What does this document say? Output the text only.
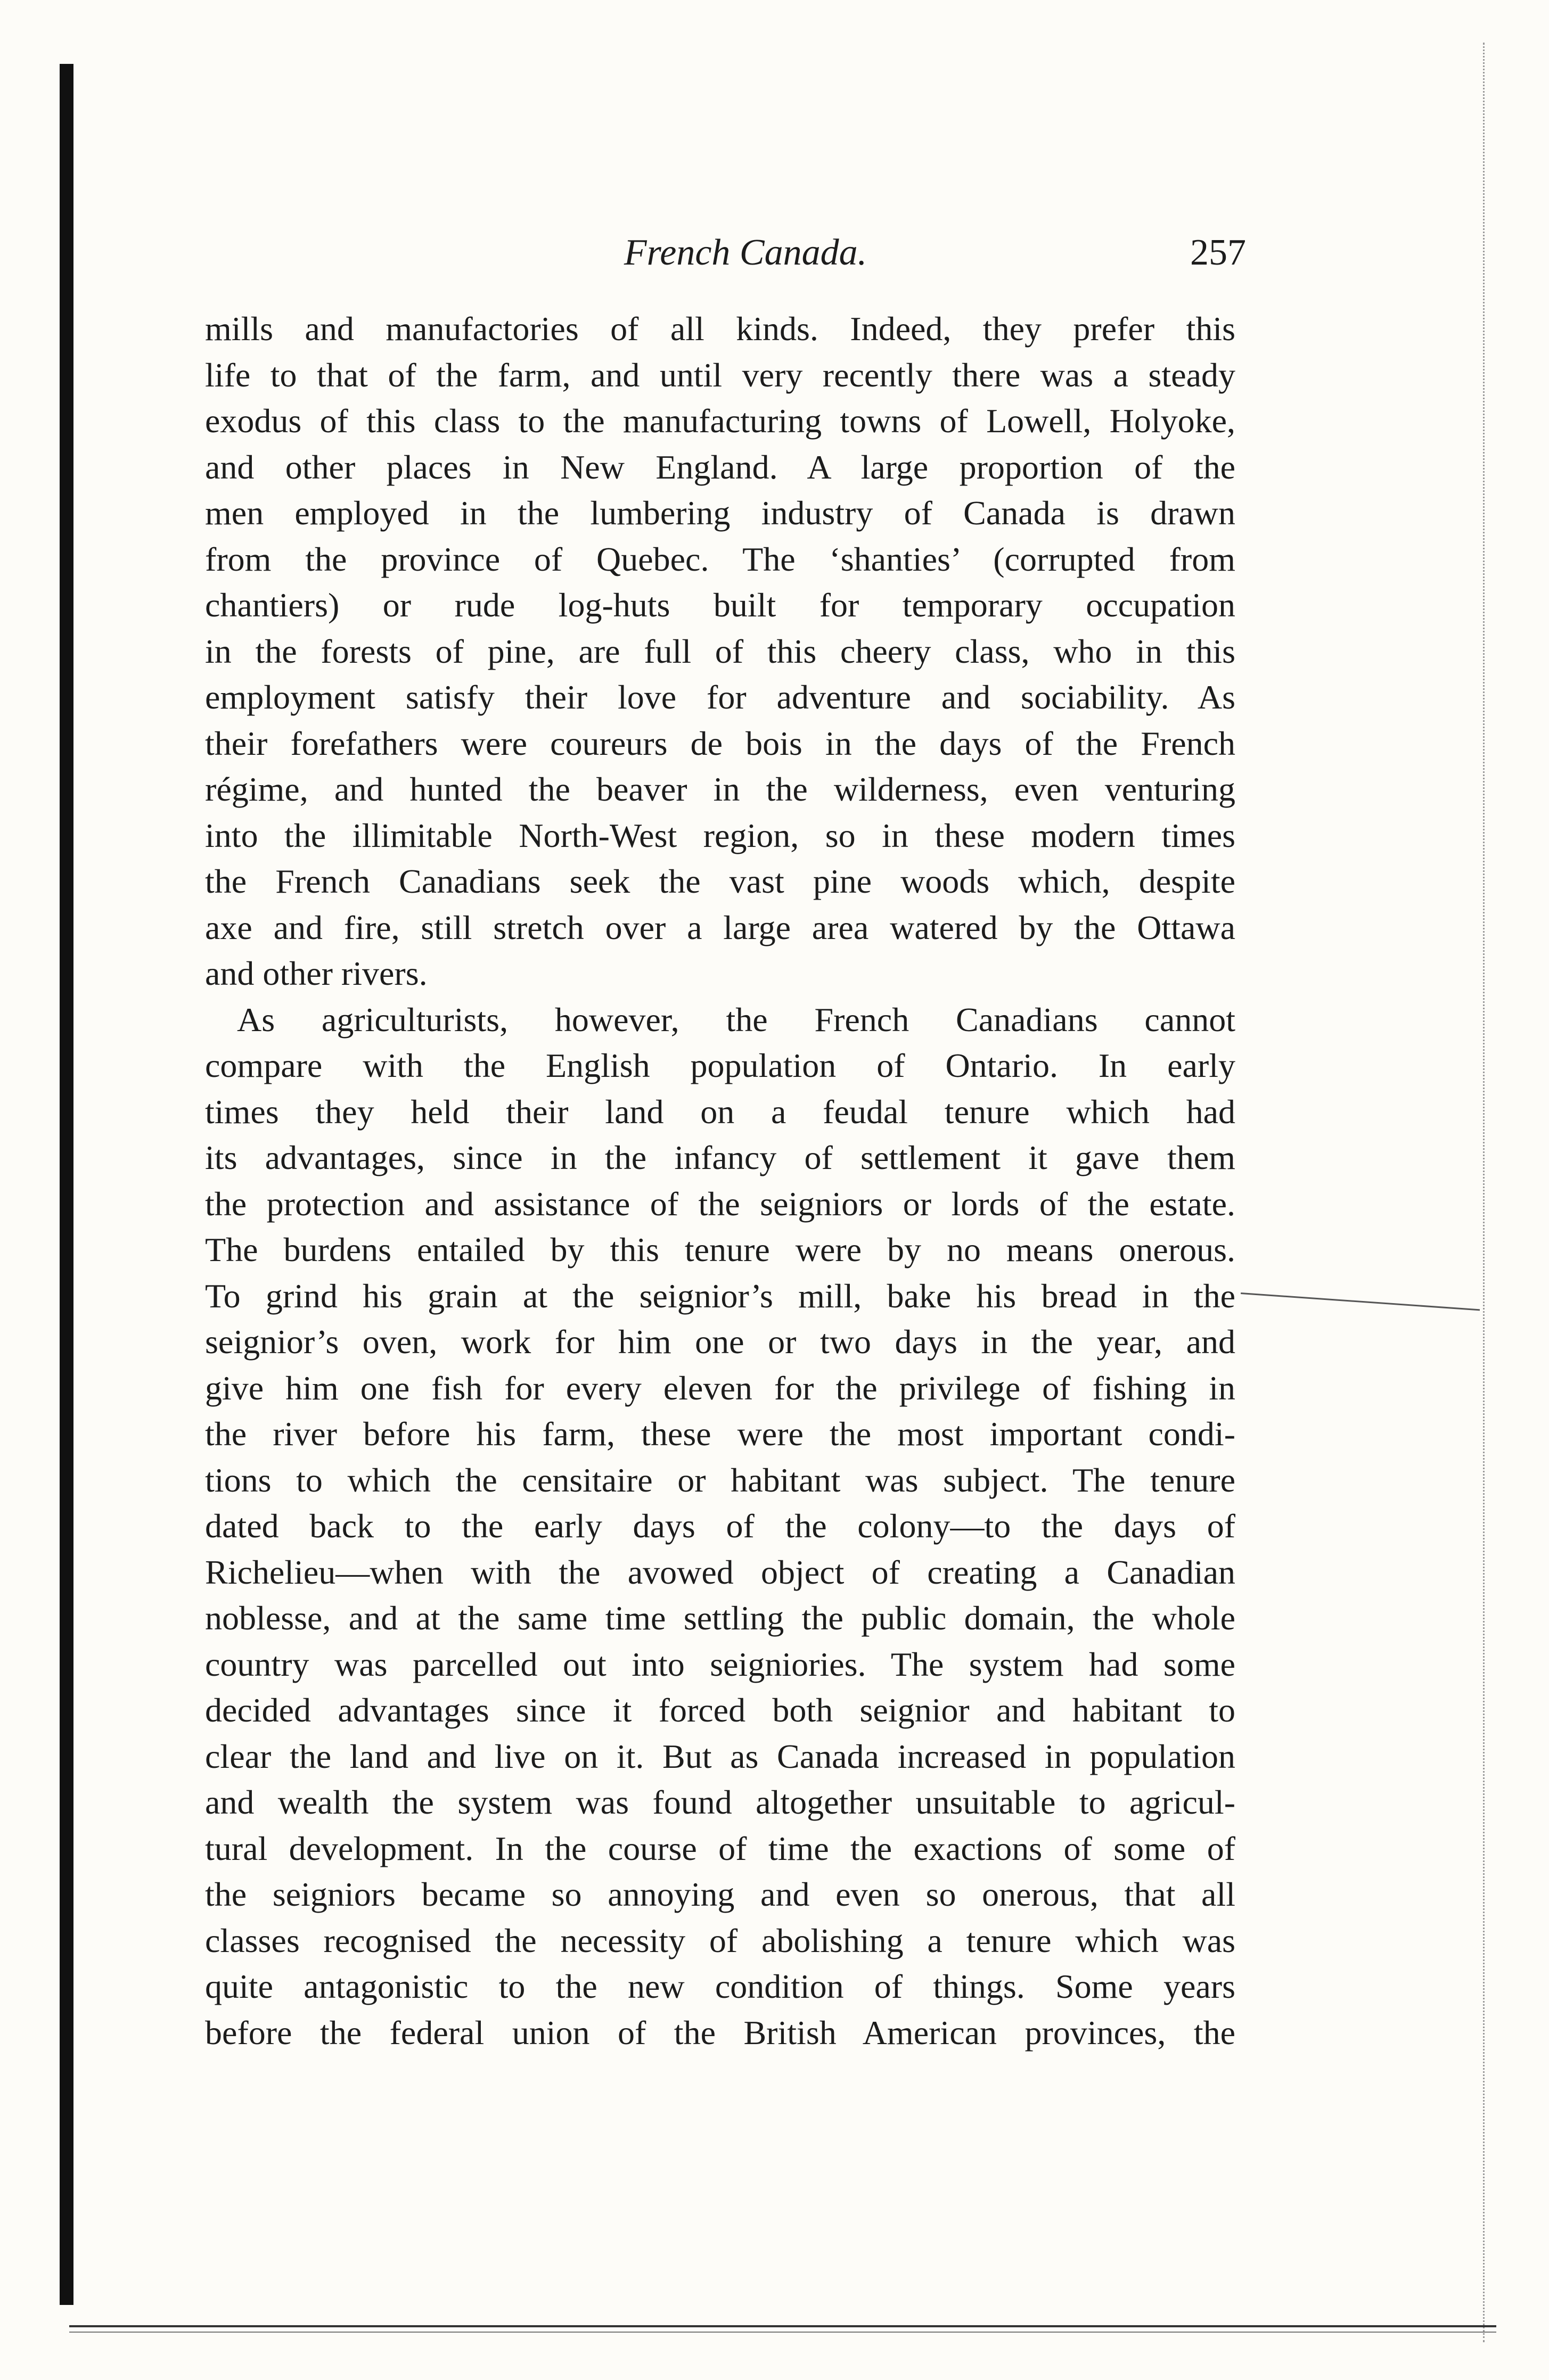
French Canada.	257
mills and manufactories of all kinds. Indeed, they prefer this
life to that of the farm, and until very recently there was a steady
exodus of this class to the manufacturing towns of Lowell, Holyoke,
and other places in New England. A large proportion of the
men employed in the lumbering industry of Canada is drawn
from the province of Quebec. The ‘shanties’ (corrupted from
chantiers) or rude log-huts built for temporary occupation
in the forests of pine, are full of this cheery class, who in this
employment satisfy their love for adventure and sociability. As
their forefathers were coureurs de bois in the days of the French
régime, and hunted the beaver in the wilderness, even venturing
into the illimitable North-West region, so in these modern times
the French Canadians seek the vast pine woods which, despite
axe and fire, still stretch over a large area watered by the Ottawa
and other rivers.
As agriculturists, however, the French Canadians cannot
compare with the English population of Ontario. In early
times they held their land on a feudal tenure which had
its advantages, since in the infancy of settlement it gave them
the protection and assistance of the seigniors or lords of the estate.
The burdens entailed by this tenure were by no means onerous.
To grind his grain at the seignior’s mill, bake his bread in the
seignior’s oven, work for him one or two days in the year, and
give him one fish for every eleven for the privilege of fishing in
the river before his farm, these were the most important condi-
tions to which the censitaire or habitant was subject. The tenure
dated back to the early days of the colony—to the days of
Richelieu—when with the avowed object of creating a Canadian
noblesse, and at the same time settling the public domain, the whole
country was parcelled out into seigniories. The system had some
decided advantages since it forced both seignior and habitant to
clear the land and live on it. But as Canada increased in population
and wealth the system was found altogether unsuitable to agricul-
tural development. In the course of time the exactions of some of
the seigniors became so annoying and even so onerous, that all
classes recognised the necessity of abolishing a tenure which was
quite antagonistic to the new condition of things. Some years
before the federal union of the British American provinces, the
